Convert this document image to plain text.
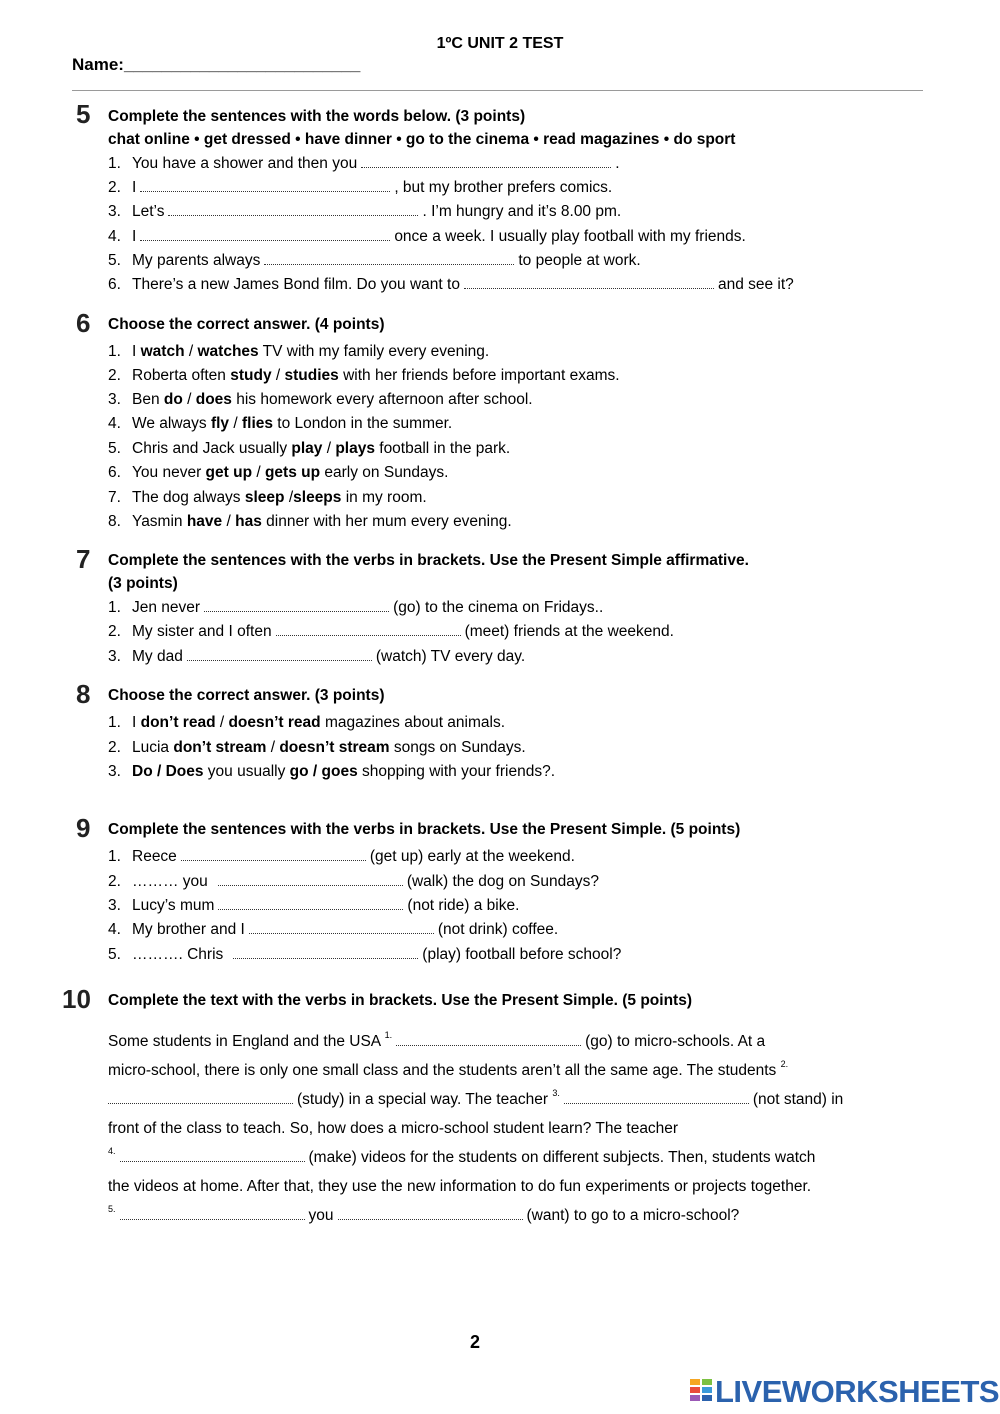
1ºC UNIT 2 TEST
Name:_________________________
5 Complete the sentences with the words below. (3 points)
chat online • get dressed • have dinner • go to the cinema • read magazines • do sport
1. You have a shower and then you	.
2. I	, but my brother prefers comics.
3. Let’s	. I’m hungry and it’s 8.00 pm.
4. I	once a week. I usually play football with my friends.
5. My parents always	to people at work.
6. There’s a new James Bond film. Do you want to	and see it?
6 Choose the correct answer. (4 points)
1. I watch / watches TV with my family every evening.
2. Roberta often study / studies with her friends before important exams.
3. Ben do / does his homework every afternoon after school.
4. We always fly / flies to London in the summer.
5. Chris and Jack usually play / plays football in the park.
6. You never get up / gets up early on Sundays.
7. The dog always sleep /sleeps in my room.
8. Yasmin have / has dinner with her mum every evening.
7 Complete the sentences with the verbs in brackets. Use the Present Simple affirmative.
(3 points)
1. Jen never	(go) to the cinema on Fridays..
2. My sister and I often	(meet) friends at the weekend.
3. My dad	(watch) TV every day.
8 Choose the correct answer. (3 points)
1. I don’t read / doesn’t read magazines about animals.
2. Lucia don’t stream / doesn’t stream songs on Sundays.
3. Do / Does you usually go / goes shopping with your friends?.
9 Complete the sentences with the verbs in brackets. Use the Present Simple. (5 points)
1. Reece	(get up) early at the weekend.
2. ……… you	(walk) the dog on Sundays?
3. Lucy’s mum	(not ride) a bike.
4. My brother and I	(not drink) coffee.
5. ………. Chris	(play) football before school?
10 Complete the text with the verbs in brackets. Use the Present Simple. (5 points)
Some students in England and the USA $^{1.}$	(go) to micro-schools. At a
micro-school, there is only one small class and the students aren’t all the same age. The students $^{2.}$
(study) in a special way. The teacher $^{3.}$	(not stand) in
front of the class to teach. So, how does a micro-school student learn? The teacher
$^{4.}$	(make) videos for the students on different subjects. Then, students watch
the videos at home. After that, they use the new information to do fun experiments or projects together.
$^{5.}$	you	(want) to go to a micro-school?
2
LIVEWORKSHEETS
